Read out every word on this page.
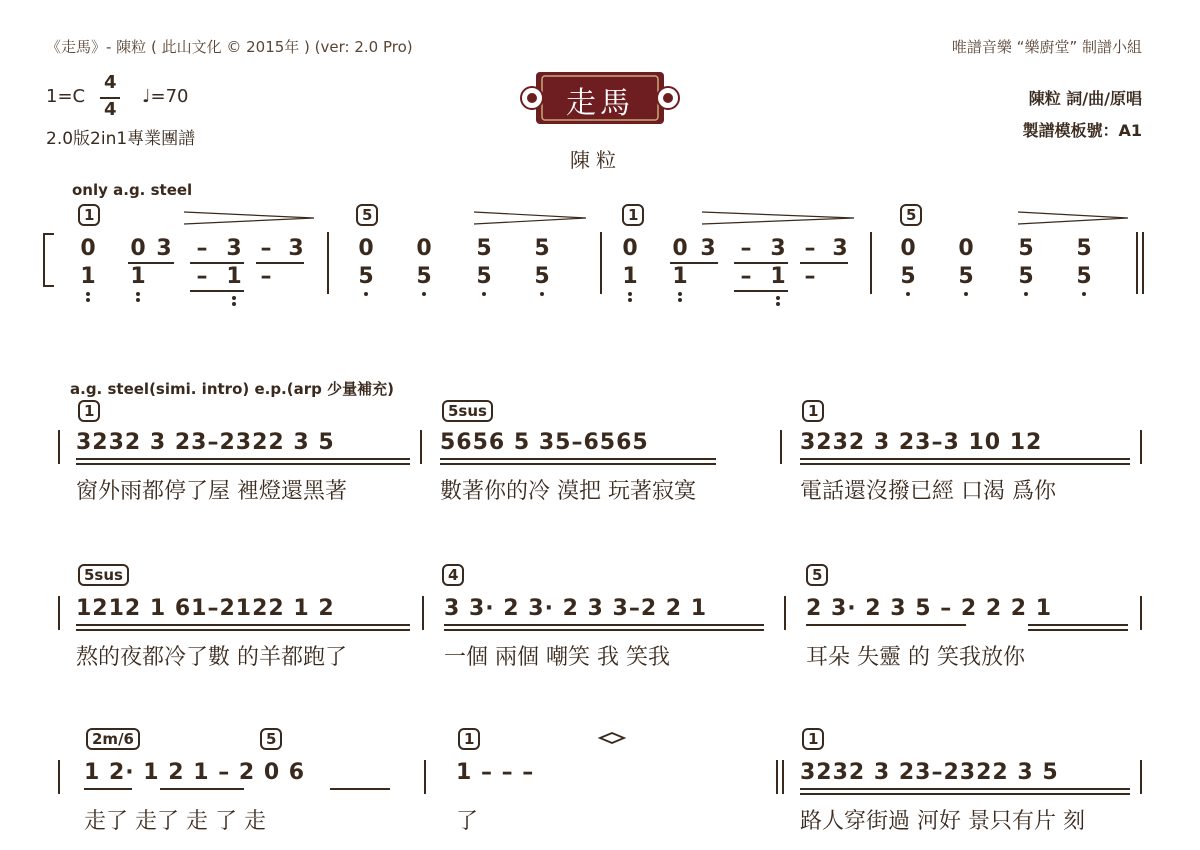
《走馬》- 陳粒 ( 此山文化 © 2015年 ) (ver: 2.0 Pro)	唯譜音樂 “樂廚堂” 制譜小組
1=C
4
4
♩=70
2.0版2in1專業團譜
走馬
陳粒
陳粒 詞/曲/原唱
製譜模板號：A1
only a.g. steel
1	5	1	5
0 0 3 – 3 – 3 0 0 5 5	0 0 3 – 3 – 3 0 0 5 5
1 1 – 1 –	5 5 5 5	1 1 – 1 –	5 5 5 5
a.g. steel(simi. intro) e.p.(arp 少量補充)
1	5sus	1
3232 3 23–2322 3 5	5656 5 35–6565	3232 3 23–3 10 12
窗外雨都停了屋 裡燈還黑著	數著你的冷 漠把 玩著寂寞	電話還沒撥已經 口渴 爲你
5sus	4	5
1212 1 61–2122 1 2	3 3· 2 3· 2 3 3–2 2 1	2 3· 2 3 5 – 2 2 2 1
熬的夜都冷了數 的羊都跑了	一個 兩個 嘲笑 我 笑我	耳朵 失靈 的 笑我放你
2m/6	5	1	1
1 2· 1 2 1 – 2 0 6	1 – – –	3232 3 23–2322 3 5
走了 走了 走 了 走	了	路人穿街過 河好 景只有片 刻
